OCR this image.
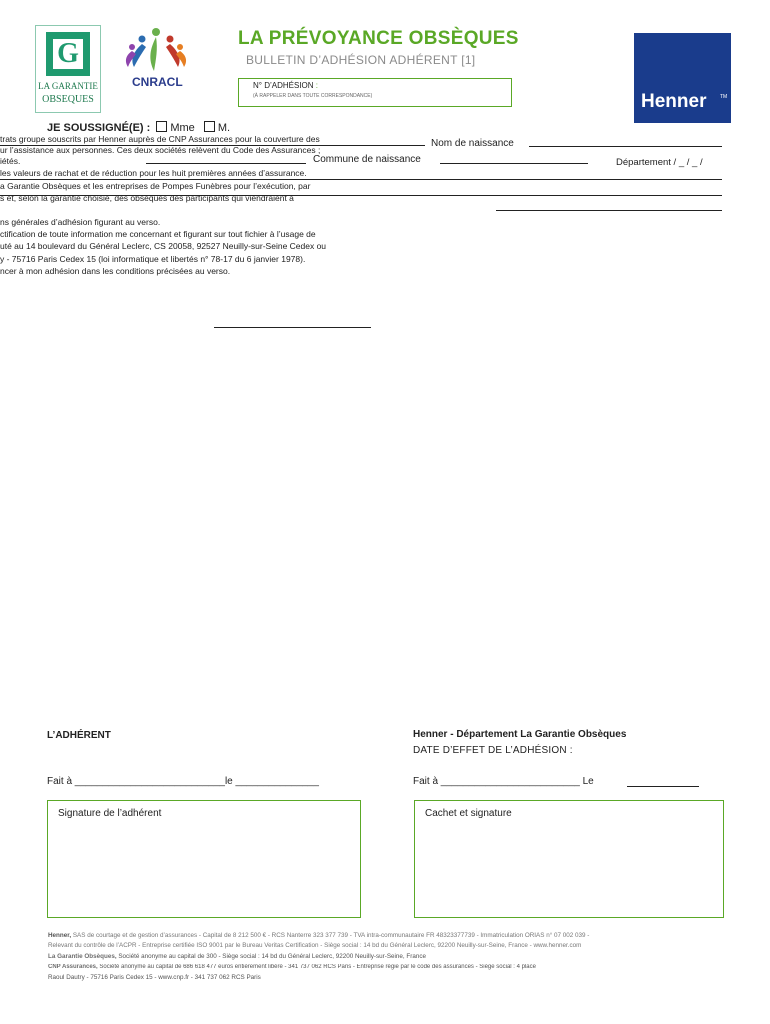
G
LA GARANTIE
OBSEQUES
CNRACL
Henner	TM
LA PRÉVOYANCE OBSÈQUES
BULLETIN D’ADHÉSION ADHÉRENT [1]
N° D’ADHÉSION :
(À RAPPELER DANS TOUTE CORRESPONDANCE)
JE SOUSSIGNÉ(E) : Mme M.
Nom de naissance
Commune de naissance	Département / _ / _ /
trats groupe souscrits par Henner auprès de CNP Assurances pour la couverture des
ur l’assistance aux personnes. Ces deux sociétés relèvent du Code des Assurances ;
iétés.
les valeurs de rachat et de réduction pour les huit premières années d’assurance.
a Garantie Obsèques et les entreprises de Pompes Funèbres pour l’exécution, par
s et, selon la garantie choisie, des obsèques des participants qui viendraient à
ns générales d’adhésion figurant au verso.
ctification de toute information me concernant et figurant sur tout fichier à l’usage de
uté au 14 boulevard du Général Leclerc, CS 20058, 92527 Neuilly-sur-Seine Cedex ou
y - 75716 Paris Cedex 15 (loi informatique et libertés n° 78-17 du 6 janvier 1978).
ncer à mon adhésion dans les conditions précisées au verso.
L’ADHÉRENT	Henner - Département La Garantie Obsèques
DATE D’EFFET DE L’ADHÉSION :
Fait à ___________________________le _______________	Fait à _________________________ Le
Signature de l’adhérent	Cachet et signature
Henner, SAS de courtage et de gestion d’assurances - Capital de 8 212 500 € - RCS Nanterre 323 377 739 - TVA intra-communautaire FR 48323377739 - Immatriculation ORIAS n° 07 002 039 -
Relevant du contrôle de l’ACPR - Entreprise certifiée ISO 9001 par le Bureau Veritas Certification - Siège social : 14 bd du Général Leclerc, 92200 Neuilly-sur-Seine, France - www.henner.com
La Garantie Obsèques, Société anonyme au capital de 300 - Siège social : 14 bd du Général Leclerc, 92200 Neuilly-sur-Seine, France
CNP Assurances, Société anonyme au capital de 686 618 477 euros entièrement libéré - 341 737 062 RCS Paris - Entreprise régie par le code des assurances - Siège social : 4 place
Raoul Dautry - 75716 Paris Cedex 15 - www.cnp.fr - 341 737 062 RCS Paris
